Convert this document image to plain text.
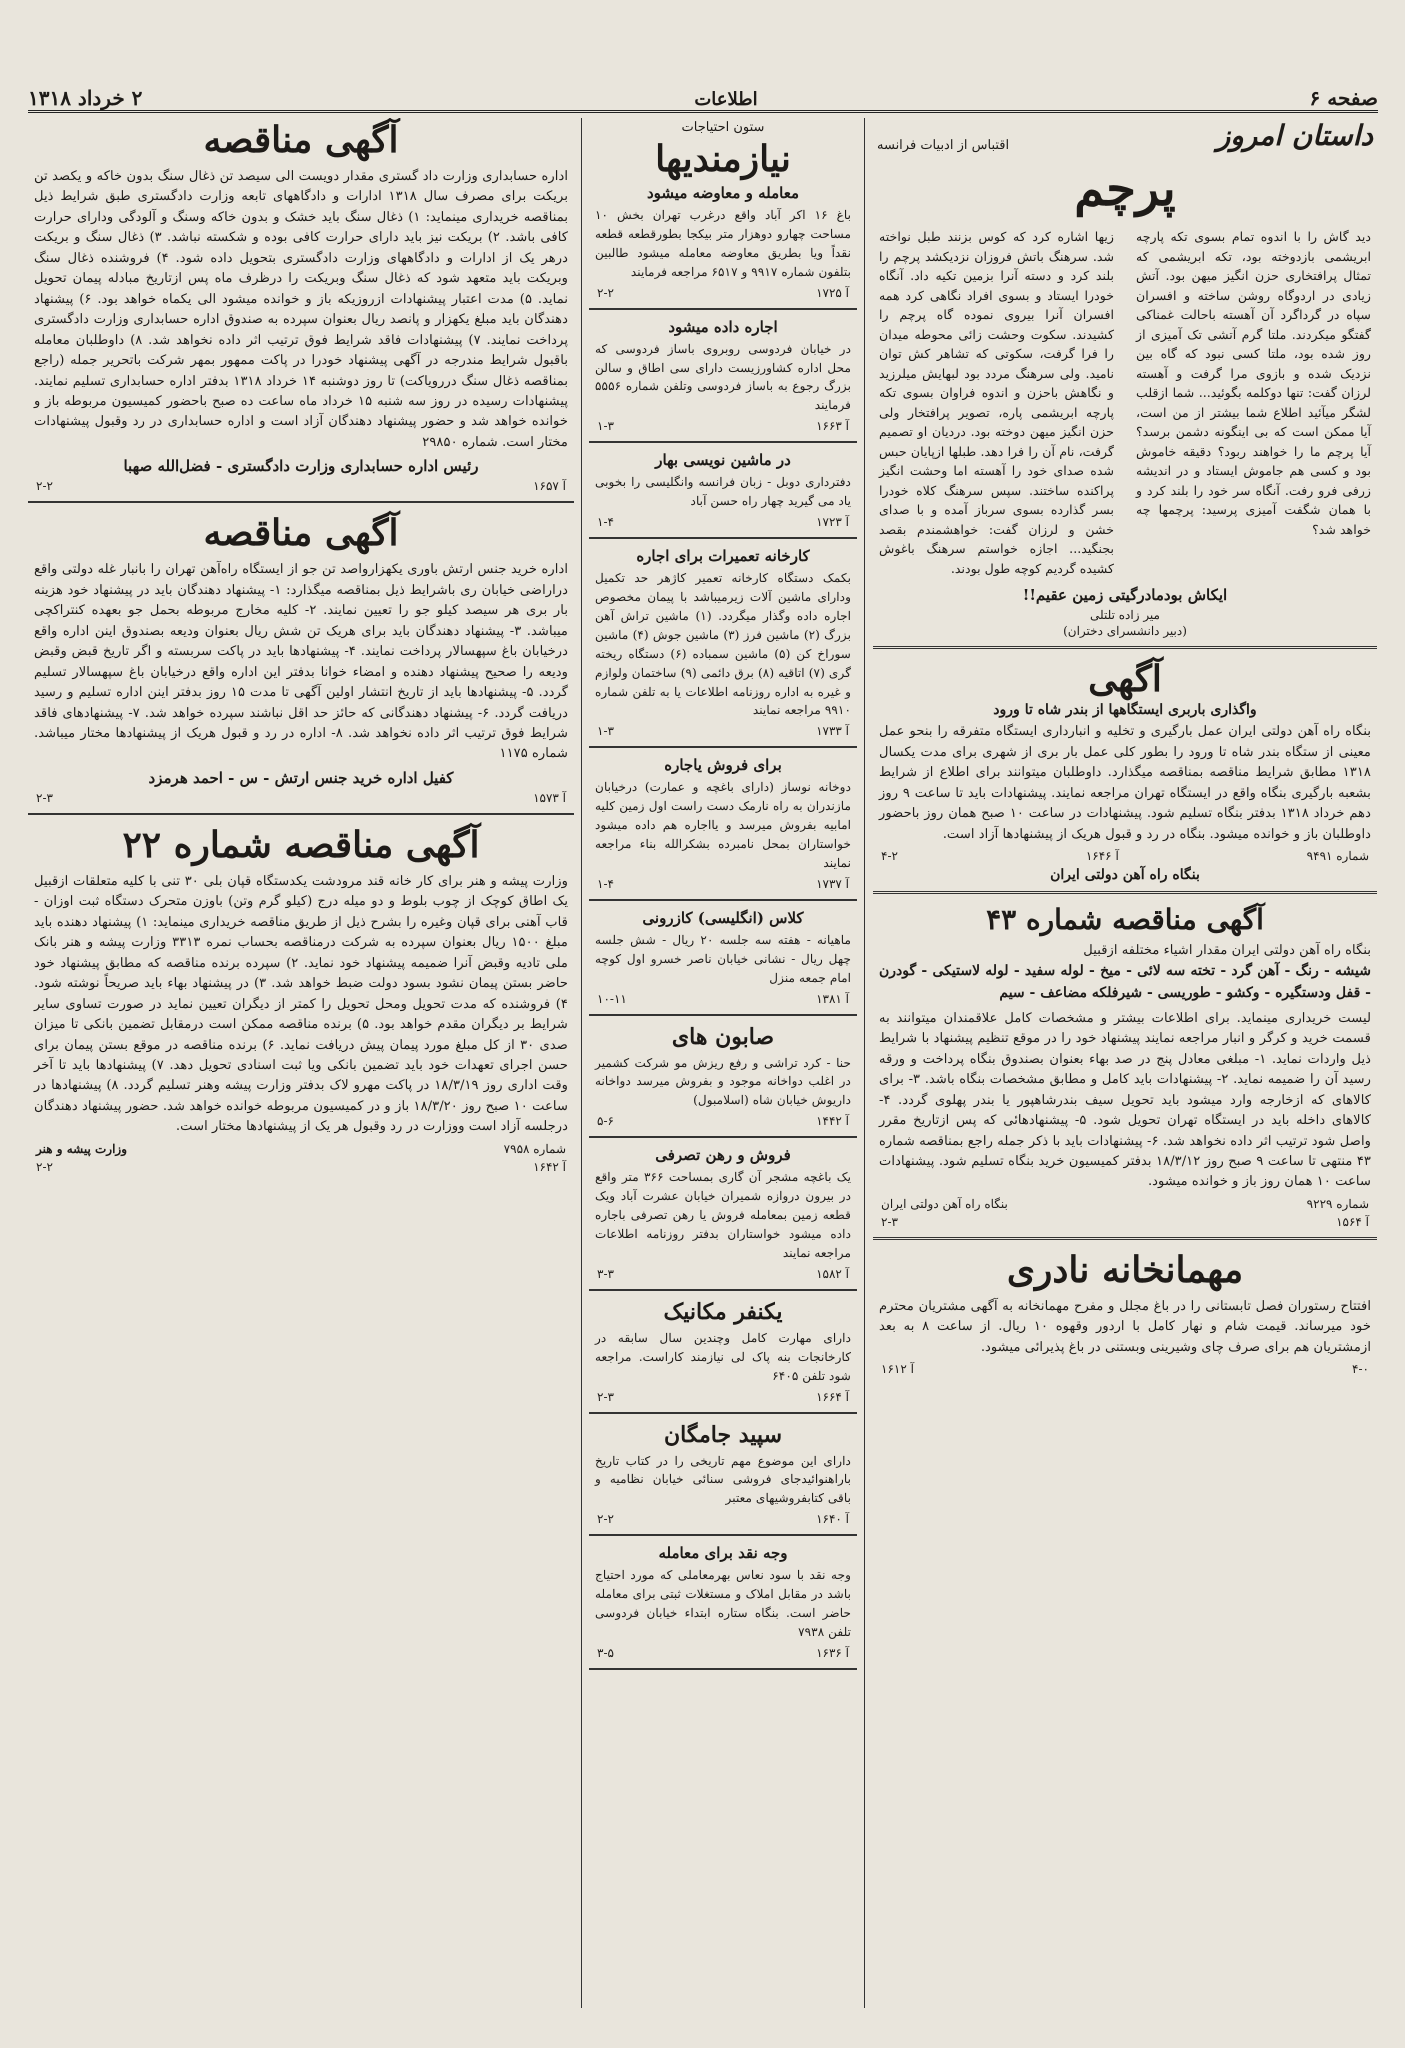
صفحه ۶
اطلاعات
۲ خرداد ۱۳۱۸
داستان امروز
اقتباس از ادبیات فرانسه
پرچم
دید گاش را با اندوه تمام بسوی تکه پارچه ابریشمی بازدوخته بود، تکه ابریشمی که تمثال پرافتخاری حزن انگیز میهن بود. آتش زیادی در اردوگاه روشن ساخته و افسران سپاه در گرداگرد آن آهسته باحالت غمناکی گفتگو میکردند. ملتا گرم آتشی تک آمیزی از روز شده بود، ملتا کسی نبود که گاه بین نزدیک شده و بازوی مرا گرفت و آهسته لرزان گفت: تنها دوکلمه بگوئید... شما ازقلب لشگر میآئید اطلاع شما بیشتر از من است، آیا ممکن است که بی اینگونه دشمن برسد؟ آیا پرچم ما را خواهند ربود؟ دقیقه خاموش بود و کسی هم جاموش ایستاد و در اندیشه زرفی فرو رفت. آنگاه سر خود را بلند کرد و با همان شگفت آمیزی پرسید: پرچمها چه خواهد شد؟
زیها اشاره کرد که کوس بزنند طبل نواخته شد. سرهنگ باتش فروزان نزدیکشد پرچم را بلند کرد و دسته آنرا بزمین تکیه داد. آنگاه خودرا ایستاد و بسوی افراد نگاهی کرد همه افسران آنرا بیروی نموده گاه پرچم را کشیدند. سکوت وحشت زائی محوطه میدان را فرا گرفت، سکوتی که تشاهر کش توان نامید. ولی سرهنگ مردد بود لبهایش میلرزید و نگاهش باحزن و اندوه فراوان بسوی تکه پارچه ابریشمی پاره، تصویر پرافتخار ولی حزن انگیز میهن دوخته بود. دردیان او تصمیم گرفت، نام آن را فرا دهد. طبلها ازپایان حبس شده صدای خود را آهسته اما وحشت انگیز پراکنده ساختند. سپس سرهنگ کلاه خودرا بسر گذارده بسوی سرباز آمده و با صدای خشن و لرزان گفت: خواهشمندم بقصد بجنگید... اجازه خواستم سرهنگ باغوش کشیده گردیم کوچه طول بودند.
ایکاش بودمادرگیتی زمین عقیم!!
میر زاده تلتلی
(دبیر دانشسرای دختران)
آگهی
واگذاری باربری ایستگاهها از بندر شاه تا ورود
بنگاه راه آهن دولتی ایران عمل بارگیری و تخلیه و انبارداری ایستگاه متفرقه را بنحو عمل معینی از ستگاه بندر شاه تا ورود را بطور کلی عمل بار بری از شهری برای مدت یکسال ۱۳۱۸ مطابق شرایط مناقصه بمناقصه میگذارد. داوطلبان میتوانند برای اطلاع از شرایط بشعبه بارگیری بنگاه واقع در ایستگاه تهران مراجعه نمایند. پیشنهادات باید تا ساعت ۹ روز دهم خرداد ۱۳۱۸ بدفتر بنگاه تسلیم شود. پیشنهادات در ساعت ۱۰ صبح همان روز باحضور داوطلبان باز و خوانده میشود. بنگاه در رد و قبول هریک از پیشنهادها آزاد است.
شماره ۹۴۹۱
آ ۱۶۴۶
۴-۲
بنگاه راه آهن دولتی ایران
آگهی مناقصه شماره ۴۳
بنگاه راه آهن دولتی ایران مقدار اشیاء مختلفه ازقبیل
شیشه - رنگ - آهن گرد - تخته سه لائی - میخ - لوله سفید - لوله لاستیکی - گودرن - قفل ودستگیره - وکشو - طوریسی - شیرفلکه مضاعف - سیم
لیست خریداری مینماید. برای اطلاعات بیشتر و مشخصات کامل علاقمندان میتوانند به قسمت خرید و کرگر و انبار مراجعه نمایند پیشنهاد خود را در موقع تنظیم پیشنهاد با شرایط ذیل واردات نماید. ۱- مبلغی معادل پنج در صد بهاء بعنوان بصندوق بنگاه پرداخت و ورقه رسید آن را ضمیمه نماید. ۲- پیشنهادات باید کامل و مطابق مشخصات بنگاه باشد. ۳- برای کالاهای که ازخارجه وارد میشود باید تحویل سیف بندرشاهپور یا بندر پهلوی گردد. ۴- کالاهای داخله باید در ایستگاه تهران تحویل شود. ۵- پیشنهادهائی که پس ازتاریخ مقرر واصل شود ترتیب اثر داده نخواهد شد. ۶- پیشنهادات باید با ذکر جمله راجع بمناقصه شماره ۴۳ منتهی تا ساعت ۹ صبح روز ۱۸/۳/۱۲ بدفتر کمیسیون خرید بنگاه تسلیم شود. پیشنهادات ساعت ۱۰ همان روز باز و خوانده میشود.
شماره ۹۲۲۹
بنگاه راه آهن دولتی ایران
آ ۱۵۶۴
۲-۳
مهمانخانه نادری
افتتاح رستوران فصل تابستانی را در باغ مجلل و مفرح مهمانخانه به آگهی مشتریان محترم خود میرساند. قیمت شام و نهار کامل با اردور وقهوه ۱۰ ریال. از ساعت ۸ به بعد ازمشتریان هم برای صرف چای وشیرینی وبستنی در باغ پذیرائی میشود.
۴-۰
آ ۱۶۱۲
ستون احتیاجات
نیازمندیها
معامله و معاوضه میشود
باغ ۱۶ اکر آباد واقع درغرب تهران بخش ۱۰ مساحت چهارو دوهزار متر بیکجا بطورقطعه قطعه نقداً ویا بطریق معاوضه معامله میشود طالبین بتلفون شماره ۹۹۱۷ و ۶۵۱۷ مراجعه فرمایند
آ ۱۷۲۵
۲-۲
اجاره داده میشود
در خیابان فردوسی روبروی باساز فردوسی که محل اداره کشاورزیست دارای سی اطاق و سالن بزرگ رجوع به باساز فردوسی وتلفن شماره ۵۵۵۶ فرمایند
آ ۱۶۶۳
۱-۳
در ماشین نویسی بهار
دفترداری دوبل - زبان فرانسه وانگلیسی را بخوبی یاد می گیرید چهار راه حسن آباد
آ ۱۷۲۳
۱-۴
کارخانه تعمیرات برای اجاره
بکمک دستگاه کارخانه تعمیر کاژهر حد تکمیل ودارای ماشین آلات زیرمیباشد با پیمان مخصوص اجاره داده وگذار میگردد. (۱) ماشین تراش آهن بزرگ (۲) ماشین فرز (۳) ماشین جوش (۴) ماشین سوراخ کن (۵) ماشین سمباده (۶) دستگاه ریخته گری (۷) اتاقیه (۸) برق دائمی (۹) ساختمان ولوازم و غیره به اداره روزنامه اطلاعات یا به تلفن شماره ۹۹۱۰ مراجعه نمایند
آ ۱۷۳۳
۱-۳
برای فروش یاجاره
دوخانه نوساز (دارای باغچه و عمارت) درخیابان مازندران به راه نارمک دست راست اول زمین کلیه امابیه بفروش میرسد و یااجاره هم داده میشود خواستاران بمحل نامبرده بشکرالله بناء مراجعه نمایند
آ ۱۷۳۷
۱-۴
کلاس (انگلیسی) کازرونی
ماهیانه - هفته سه جلسه ۲۰ ریال - شش جلسه چهل ریال - نشانی خیابان ناصر خسرو اول کوچه امام جمعه منزل
آ ۱۳۸۱
۱۰-۱۱
صابون های
حنا - کرد تراشی و رفع ریزش مو شرکت کشمیر در اغلب دواخانه موجود و بفروش میرسد دواخانه داریوش خیابان شاه (اسلامبول)
آ ۱۴۴۲
۵-۶
فروش و رهن تصرفی
یک باغچه مشجر آن گاری بمساحت ۳۶۶ متر واقع در بیرون دروازه شمیران خیابان عشرت آباد ویک قطعه زمین بمعامله فروش یا رهن تصرفی باجاره داده میشود خواستاران بدفتر روزنامه اطلاعات مراجعه نمایند
آ ۱۵۸۲
۳-۳
یکنفر مکانیک
دارای مهارت کامل وچندین سال سابقه در کارخانجات بنه پاک لی نیازمند کاراست. مراجعه شود تلفن ۶۴۰۵
آ ۱۶۶۴
۲-۳
سپید جامگان
دارای این موضوع مهم تاریخی را در کتاب تاریخ باراهنوائیدجای فروشی سنائی خیابان نظامیه و باقی کتابفروشیهای معتبر
آ ۱۶۴۰
۲-۲
وجه نقد برای معامله
وجه نقد با سود نعاس بهرمعاملی که مورد احتیاج باشد در مقابل املاک و مستغلات ثبتی برای معامله حاضر است. بنگاه ستاره ابتداء خیابان فردوسی تلفن ۷۹۳۸
آ ۱۶۳۶
۳-۵
آگهی مناقصه
اداره حسابداری وزارت داد گستری مقدار دویست الی سیصد تن ذغال سنگ بدون خاکه و یکصد تن بریکت برای مصرف سال ۱۳۱۸ ادارات و دادگاههای تابعه وزارت دادگستری طبق شرایط ذیل بمناقصه خریداری مینماید: ۱) ذغال سنگ باید خشک و بدون خاکه وسنگ و آلودگی ودارای حرارت کافی باشد. ۲) بریکت نیز باید دارای حرارت کافی بوده و شکسته نباشد. ۳) ذغال سنگ و بریکت درهر یک از ادارات و دادگاههای وزارت دادگستری بتحویل داده شود. ۴) فروشنده ذغال سنگ وبریکت باید متعهد شود که ذغال سنگ وبریکت را درظرف ماه پس ازتاریخ مبادله پیمان تحویل نماید. ۵) مدت اعتبار پیشنهادات ازروزیکه باز و خوانده میشود الی یکماه خواهد بود. ۶) پیشنهاد دهندگان باید مبلغ یکهزار و پانصد ریال بعنوان سپرده به صندوق اداره حسابداری وزارت دادگستری پرداخت نمایند. ۷) پیشنهادات فاقد شرایط فوق ترتیب اثر داده نخواهد شد. ۸) داوطلبان معامله باقبول شرایط مندرجه در آگهی پیشنهاد خودرا در پاکت ممهور بمهر شرکت باتحریر جمله (راجع بمناقصه ذغال سنگ دررویاکت) تا روز دوشنبه ۱۴ خرداد ۱۳۱۸ بدفتر اداره حسابداری تسلیم نمایند. پیشنهادات رسیده در روز سه شنبه ۱۵ خرداد ماه ساعت ده صبح باحضور کمیسیون مربوطه باز و خوانده خواهد شد و حضور پیشنهاد دهندگان آزاد است و اداره حسابداری در رد وقبول پیشنهادات مختار است. شماره ۲۹۸۵۰
رئیس اداره حسابداری وزارت دادگستری - فضل‌الله صهبا
آ ۱۶۵۷
۲-۲
آگهی مناقصه
اداره خرید جنس ارتش باوری یکهزارواصد تن جو از ایستگاه راه‌آهن تهران را بانبار غله دولتی واقع دراراضی خیابان ری باشرایط ذیل بمناقصه میگذارد: ۱- پیشنهاد دهندگان باید در پیشنهاد خود هزینه بار بری هر سیصد کیلو جو را تعیین نمایند. ۲- کلیه مخارج مربوطه بحمل جو بعهده کنتراکچی میباشد. ۳- پیشنهاد دهندگان باید برای هریک تن شش ریال بعنوان ودیعه بصندوق اینن اداره واقع درخیابان باغ سپهسالار پرداخت نمایند. ۴- پیشنهادها باید در پاکت سربسته و اگر تاریخ قبض وقبض ودیعه را صحیح پیشنهاد دهنده و امضاء خوانا بدفتر این اداره واقع درخیابان باغ سپهسالار تسلیم گردد. ۵- پیشنهادها باید از تاریخ انتشار اولین آگهی تا مدت ۱۵ روز بدفتر اینن اداره تسلیم و رسید دریافت گردد. ۶- پیشنهاد دهندگانی که حائز حد اقل نباشند سپرده خواهد شد. ۷- پیشنهادهای فاقد شرایط فوق ترتیب اثر داده نخواهد شد. ۸- اداره در رد و قبول هریک از پیشنهادها مختار میباشد. شماره ۱۱۷۵
کفیل اداره خرید جنس ارتش - س - احمد هرمزد
آ ۱۵۷۳
۲-۳
آگهی مناقصه شماره ۲۲
وزارت پیشه و هنر برای کار خانه قند مرودشت یکدستگاه قپان بلی ۳۰ تنی با کلیه متعلقات ازقبیل یک اطاق کوچک از چوب بلوط و دو میله درج (کیلو گرم وتن) باوزن متحرک دستگاه ثبت اوزان - قاب آهنی برای قپان وغیره را بشرح ذیل از طریق مناقصه خریداری مینماید: ۱) پیشنهاد دهنده باید مبلغ ۱۵۰۰ ریال بعنوان سپرده به شرکت درمناقصه بحساب نمره ۳۳۱۳ وزارت پیشه و هنر بانک ملی تادیه وقبض آنرا ضمیمه پیشنهاد خود نماید. ۲) سپرده برنده مناقصه که مطابق پیشنهاد خود حاضر بستن پیمان نشود بسود دولت ضبط خواهد شد. ۳) در پیشنهاد بهاء باید صریحاً نوشته شود. ۴) فروشنده که مدت تحویل ومحل تحویل را کمتر از دیگران تعیین نماید در صورت تساوی سایر شرایط بر دیگران مقدم خواهد بود. ۵) برنده مناقصه ممکن است درمقابل تضمین بانکی تا میزان صدی ۳۰ از کل مبلغ مورد پیمان پیش دریافت نماید. ۶) برنده مناقصه در موقع بستن پیمان برای حسن اجرای تعهدات خود باید تضمین بانکی ویا ثبت اسنادی تحویل دهد. ۷) پیشنهادها باید تا آخر وقت اداری روز ۱۸/۳/۱۹ در پاکت مهرو لاک بدفتر وزارت پیشه وهنر تسلیم گردد. ۸) پیشنهادها در ساعت ۱۰ صبح روز ۱۸/۳/۲۰ باز و در کمیسیون مربوطه خوانده خواهد شد. حضور پیشنهاد دهندگان درجلسه آزاد است ووزارت در رد وقبول هر یک از پیشنهادها مختار است.
شماره ۷۹۵۸
وزارت پیشه و هنر
آ ۱۶۴۲
۲-۲
